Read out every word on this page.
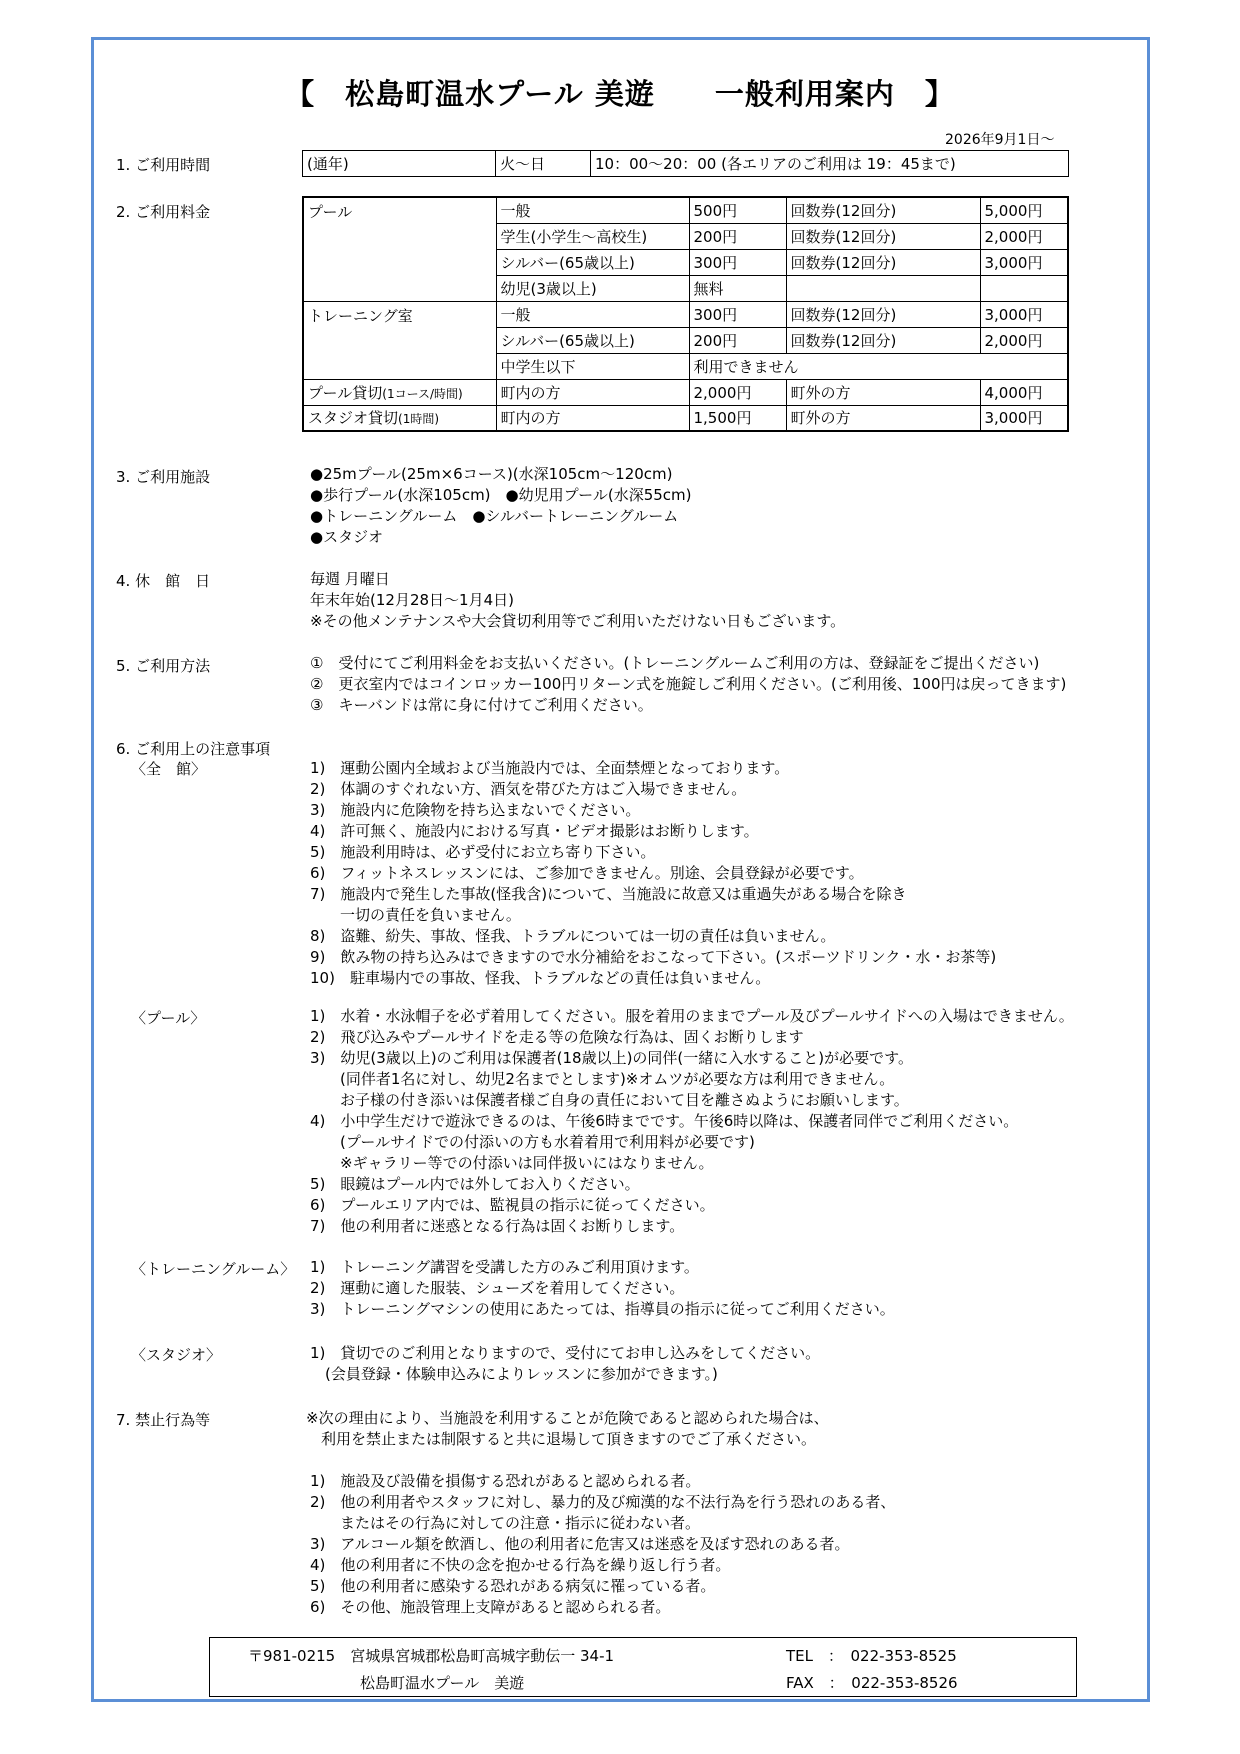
【　松島町温水プール 美遊　　一般利用案内　】
2026年9月1日～
1. ご利用時間	(通年)	火～日	10：00～20：00 (各エリアのご利用は 19：45まで)
2. ご利用料金	プール	一般	500円	回数券(12回分)	5,000円
	学生(小学生～高校生)	200円	回数券(12回分)	2,000円
	シルバー(65歳以上)	300円	回数券(12回分)	3,000円
	幼児(3歳以上)	無料		
トレーニング室	一般	300円	回数券(12回分)	3,000円
	シルバー(65歳以上)	200円	回数券(12回分)	2,000円
	中学生以下	利用できません		
プール貸切(1コース/時間)	町内の方	2,000円	町外の方	4,000円
スタジオ貸切(1時間)	町内の方	1,500円	町外の方	3,000円
3. ご利用施設	●25mプール(25m×6コース)(水深105cm～120cm)
●歩行プール(水深105cm)　●幼児用プール(水深55cm)
●トレーニングルーム　●シルバートレーニングルーム
●スタジオ
4. 休　館　日	毎週 月曜日
年末年始(12月28日～1月4日)
※その他メンテナンスや大会貸切利用等でご利用いただけない日もございます。
5. ご利用方法	①　受付にてご利用料金をお支払いください。(トレーニングルームご利用の方は、登録証をご提出ください)
②　更衣室内ではコインロッカー100円リターン式を施錠しご利用ください。(ご利用後、100円は戻ってきます)
③　キーバンドは常に身に付けてご利用ください。
6. ご利用上の注意事項
〈全　館〉	1)　運動公園内全域および当施設内では、全面禁煙となっております。
2)　体調のすぐれない方、酒気を帯びた方はご入場できません。
3)　施設内に危険物を持ち込まないでください。
4)　許可無く、施設内における写真・ビデオ撮影はお断りします。
5)　施設利用時は、必ず受付にお立ち寄り下さい。
6)　フィットネスレッスンには、ご参加できません。別途、会員登録が必要です。
7)　施設内で発生した事故(怪我含)について、当施設に故意又は重過失がある場合を除き
　　一切の責任を負いません。
8)　盗難、紛失、事故、怪我、トラブルについては一切の責任は負いません。
9)　飲み物の持ち込みはできますので水分補給をおこなって下さい。(スポーツドリンク・水・お茶等)
10)　駐車場内での事故、怪我、トラブルなどの責任は負いません。
〈プール〉	1)　水着・水泳帽子を必ず着用してください。服を着用のままでプール及びプールサイドへの入場はできません。
2)　飛び込みやプールサイドを走る等の危険な行為は、固くお断りします
3)　幼児(3歳以上)のご利用は保護者(18歳以上)の同伴(一緒に入水すること)が必要です。
　　(同伴者1名に対し、幼児2名までとします)※オムツが必要な方は利用できません。
　　お子様の付き添いは保護者様ご自身の責任において目を離さぬようにお願いします。
4)　小中学生だけで遊泳できるのは、午後6時までです。午後6時以降は、保護者同伴でご利用ください。
　　(プールサイドでの付添いの方も水着着用で利用料が必要です)
　　※ギャラリー等での付添いは同伴扱いにはなりません。
5)　眼鏡はプール内では外してお入りください。
6)　プールエリア内では、監視員の指示に従ってください。
7)　他の利用者に迷惑となる行為は固くお断りします。
〈トレーニングルーム〉 1)　トレーニング講習を受講した方のみご利用頂けます。
2)　運動に適した服装、シューズを着用してください。
3)　トレーニングマシンの使用にあたっては、指導員の指示に従ってご利用ください。
〈スタジオ〉	1)　貸切でのご利用となりますので、受付にてお申し込みをしてください。
　(会員登録・体験申込みによりレッスンに参加ができます。)
7. 禁止行為等	※次の理由により、当施設を利用することが危険であると認められた場合は、
　利用を禁止または制限すると共に退場して頂きますのでご了承ください。
1)　施設及び設備を損傷する恐れがあると認められる者。
2)　他の利用者やスタッフに対し、暴力的及び痴漢的な不法行為を行う恐れのある者、
　　またはその行為に対しての注意・指示に従わない者。
3)　アルコール類を飲酒し、他の利用者に危害又は迷惑を及ぼす恐れのある者。
4)　他の利用者に不快の念を抱かせる行為を繰り返し行う者。
5)　他の利用者に感染する恐れがある病気に罹っている者。
6)　その他、施設管理上支障があると認められる者。
〒981-0215　宮城県宮城郡松島町高城字動伝一 34-1
松島町温水プール　美遊
TEL　：　022-353-8525
FAX　：　022-353-8526
